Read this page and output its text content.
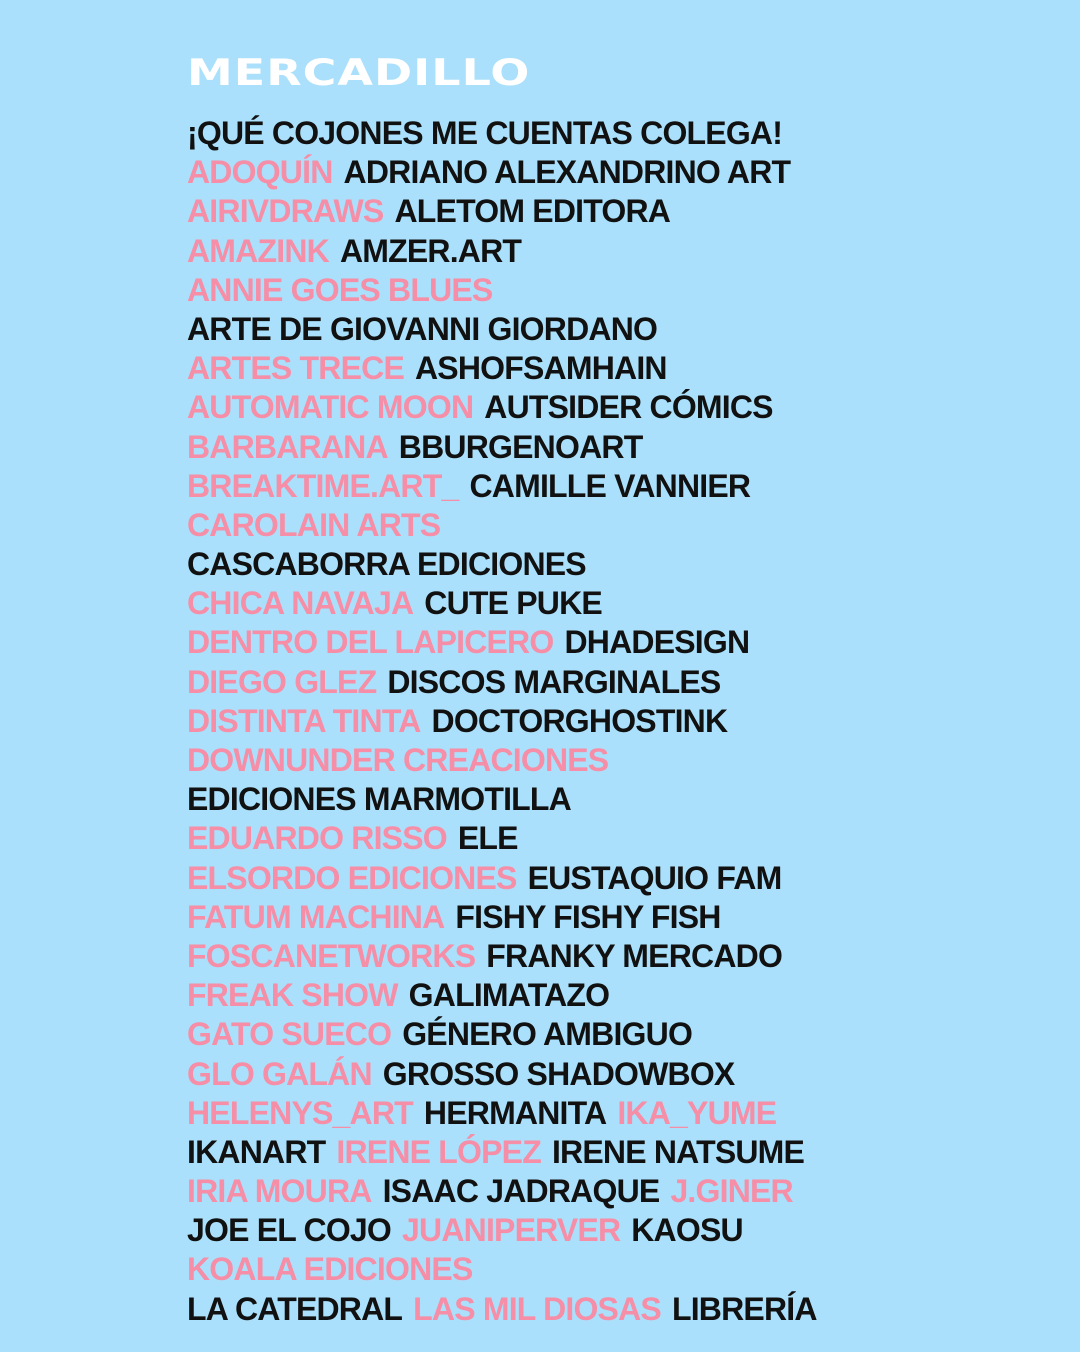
MERCADILLO
¡QUÉ COJONES ME CUENTAS COLEGA!
ADOQUÍN ADRIANO ALEXANDRINO ART
AIRIVDRAWS ALETOM EDITORA
AMAZINK AMZER.ART
ANNIE GOES BLUES
ARTE DE GIOVANNI GIORDANO
ARTES TRECE ASHOFSAMHAIN
AUTOMATIC MOON AUTSIDER CÓMICS
BARBARANA BBURGENOART
BREAKTIME.ART_ CAMILLE VANNIER
CAROLAIN ARTS
CASCABORRA EDICIONES
CHICA NAVAJA CUTE PUKE
DENTRO DEL LAPICERO DHADESIGN
DIEGO GLEZ DISCOS MARGINALES
DISTINTA TINTA DOCTORGHOSTINK
DOWNUNDER CREACIONES
EDICIONES MARMOTILLA
EDUARDO RISSO ELE
ELSORDO EDICIONES EUSTAQUIO FAM
FATUM MACHINA FISHY FISHY FISH
FOSCANETWORKS FRANKY MERCADO
FREAK SHOW GALIMATAZO
GATO SUECO GÉNERO AMBIGUO
GLO GALÁN GROSSO SHADOWBOX
HELENYS_ART HERMANITA IKA_YUME
IKANART IRENE LÓPEZ IRENE NATSUME
IRIA MOURA ISAAC JADRAQUE J.GINER
JOE EL COJO JUANIPERVER KAOSU
KOALA EDICIONES
LA CATEDRAL LAS MIL DIOSAS LIBRERÍA
